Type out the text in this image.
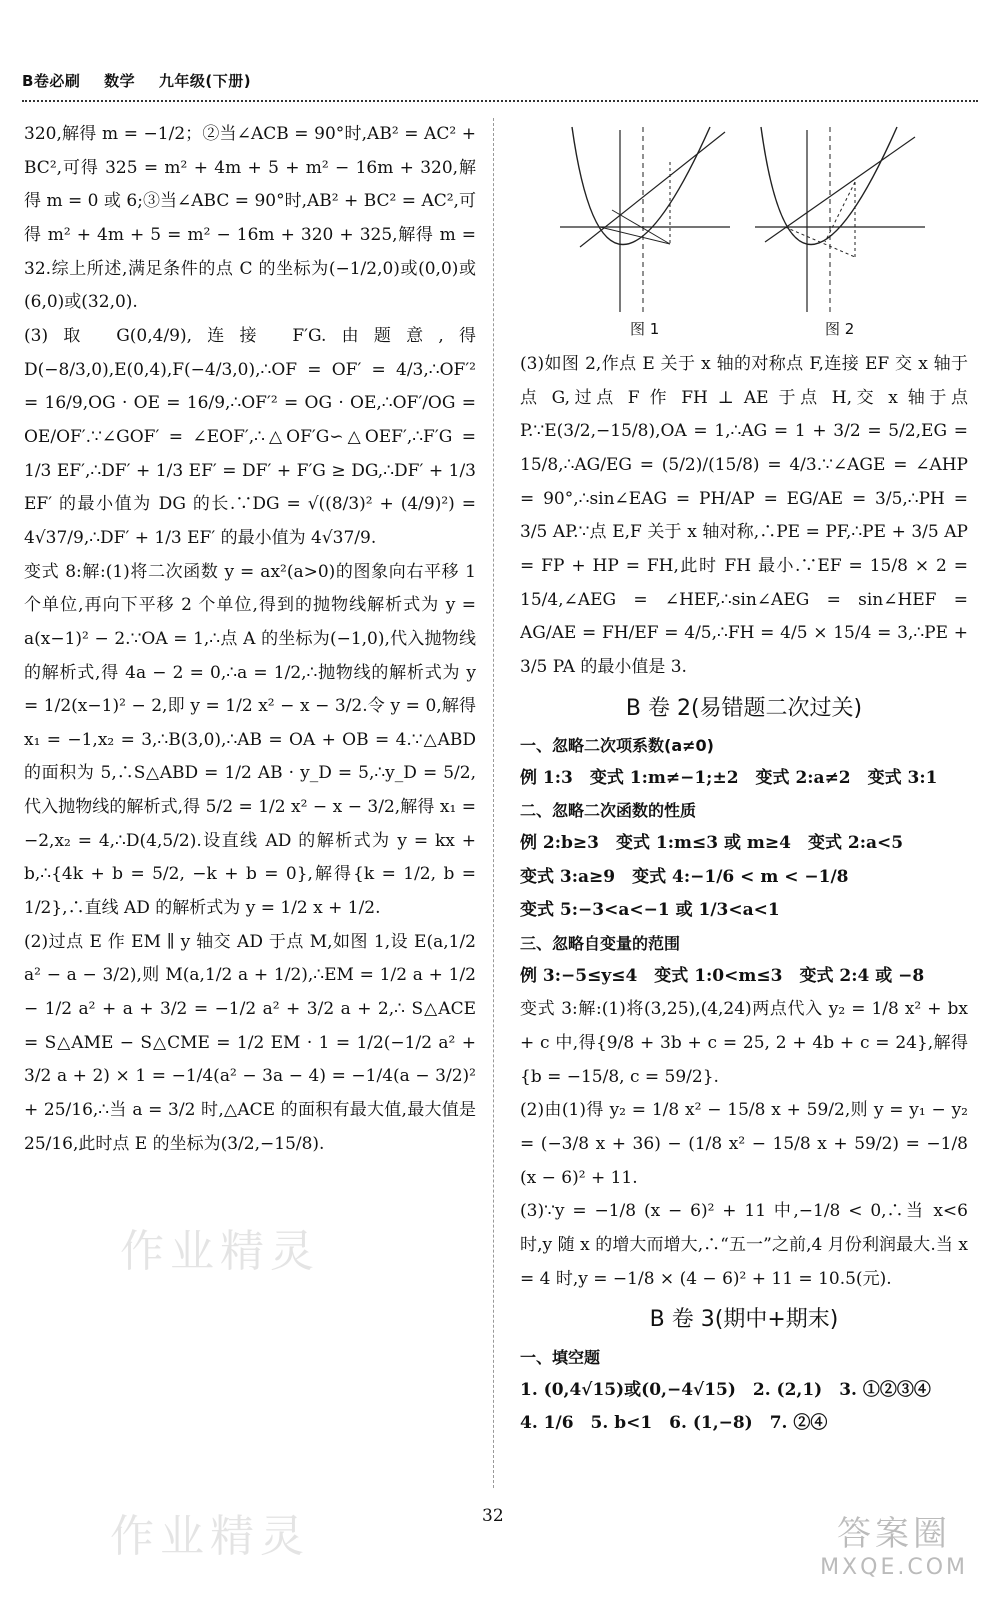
B卷必刷 数学 九年级(下册)

320,解得 m = −1/2；②当∠ACB = 90°时,AB² = AC² + BC²,可得 325 = m² + 4m + 5 + m² − 16m + 320,解得 m = 0 或 6;③当∠ABC = 90°时,AB² + BC² = AC²,可得 m² + 4m + 5 = m² − 16m + 320 + 325,解得 m = 32.综上所述,满足条件的点 C 的坐标为(−1/2,0)或(0,0)或(6,0)或(32,0).

(3)取 G(0,4/9),连接 F′G.由题意,得 D(−8/3,0),E(0,4),F(−4/3,0),∴OF = OF′ = 4/3,∴OF′² = 16/9,OG · OE = 16/9,∴OF′² = OG · OE,∴OF′/OG = OE/OF′.∵∠GOF′ = ∠EOF′,∴△OF′G∽△OEF′,∴F′G = 1/3 EF′,∴DF′ + 1/3 EF′ = DF′ + F′G ≥ DG,∴DF′ + 1/3 EF′ 的最小值为 DG 的长.∵DG = √((8/3)² + (4/9)²) = 4√37/9,∴DF′ + 1/3 EF′ 的最小值为 4√37/9.

变式 8:解:(1)将二次函数 y = ax²(a>0)的图象向右平移 1 个单位,再向下平移 2 个单位,得到的抛物线解析式为 y = a(x−1)² − 2.∵OA = 1,∴点 A 的坐标为(−1,0),代入抛物线的解析式,得 4a − 2 = 0,∴a = 1/2,∴抛物线的解析式为 y = 1/2(x−1)² − 2,即 y = 1/2 x² − x − 3/2.令 y = 0,解得 x₁ = −1,x₂ = 3,∴B(3,0),∴AB = OA + OB = 4.∵△ABD 的面积为 5,∴S△ABD = 1/2 AB · y_D = 5,∴y_D = 5/2,代入抛物线的解析式,得 5/2 = 1/2 x² − x − 3/2,解得 x₁ = −2,x₂ = 4,∴D(4,5/2).设直线 AD 的解析式为 y = kx + b,∴{4k + b = 5/2, −k + b = 0},解得{k = 1/2, b = 1/2},∴直线 AD 的解析式为 y = 1/2 x + 1/2.

(2)过点 E 作 EM ∥ y 轴交 AD 于点 M,如图 1,设 E(a,1/2 a² − a − 3/2),则 M(a,1/2 a + 1/2),∴EM = 1/2 a + 1/2 − 1/2 a² + a + 3/2 = −1/2 a² + 3/2 a + 2,∴ S△ACE = S△AME − S△CME = 1/2 EM · 1 = 1/2(−1/2 a² + 3/2 a + 2) × 1 = −1/4(a² − 3a − 4) = −1/4(a − 3/2)² + 25/16,∴当 a = 3/2 时,△ACE 的面积有最大值,最大值是 25/16,此时点 E 的坐标为(3/2,−15/8).

图 1	图 2

(3)如图 2,作点 E 关于 x 轴的对称点 F,连接 EF 交 x 轴于点 G,过点 F 作 FH ⊥ AE 于点 H,交 x 轴于点 P.∵E(3/2,−15/8),OA = 1,∴AG = 1 + 3/2 = 5/2,EG = 15/8,∴AG/EG = (5/2)/(15/8) = 4/3.∵∠AGE = ∠AHP = 90°,∴sin∠EAG = PH/AP = EG/AE = 3/5,∴PH = 3/5 AP.∵点 E,F 关于 x 轴对称,∴PE = PF,∴PE + 3/5 AP = FP + HP = FH,此时 FH 最小.∵EF = 15/8 × 2 = 15/4,∠AEG = ∠HEF,∴sin∠AEG = sin∠HEF = AG/AE = FH/EF = 4/5,∴FH = 4/5 × 15/4 = 3,∴PE + 3/5 PA 的最小值是 3.

B 卷 2(易错题二次过关)

一、忽略二次项系数(a≠0)

例 1:3　变式 1:m≠−1;±2　变式 2:a≠2　变式 3:1

二、忽略二次函数的性质

例 2:b≥3　变式 1:m≤3 或 m≥4　变式 2:a<5

变式 3:a≥9　变式 4:−1/6 < m < −1/8

变式 5:−3<a<−1 或 1/3<a<1

三、忽略自变量的范围

例 3:−5≤y≤4　变式 1:0<m≤3　变式 2:4 或 −8

变式 3:解:(1)将(3,25),(4,24)两点代入 y₂ = 1/8 x² + bx + c 中,得{9/8 + 3b + c = 25, 2 + 4b + c = 24},解得{b = −15/8, c = 59/2}.

(2)由(1)得 y₂ = 1/8 x² − 15/8 x + 59/2,则 y = y₁ − y₂ = (−3/8 x + 36) − (1/8 x² − 15/8 x + 59/2) = −1/8 (x − 6)² + 11.

(3)∵y = −1/8 (x − 6)² + 11 中,−1/8 < 0,∴当 x<6 时,y 随 x 的增大而增大,∴“五一”之前,4 月份利润最大.当 x = 4 时,y = −1/8 × (4 − 6)² + 11 = 10.5(元).

B 卷 3(期中+期末)

一、填空题

1. (0,4√15)或(0,−4√15)　2. (2,1)　3. ①②③④

4. 1/6　5. b<1　6. (1,−8)　7. ②④

32
作业精灵
作业精灵	答案圈
MXQE.COM
